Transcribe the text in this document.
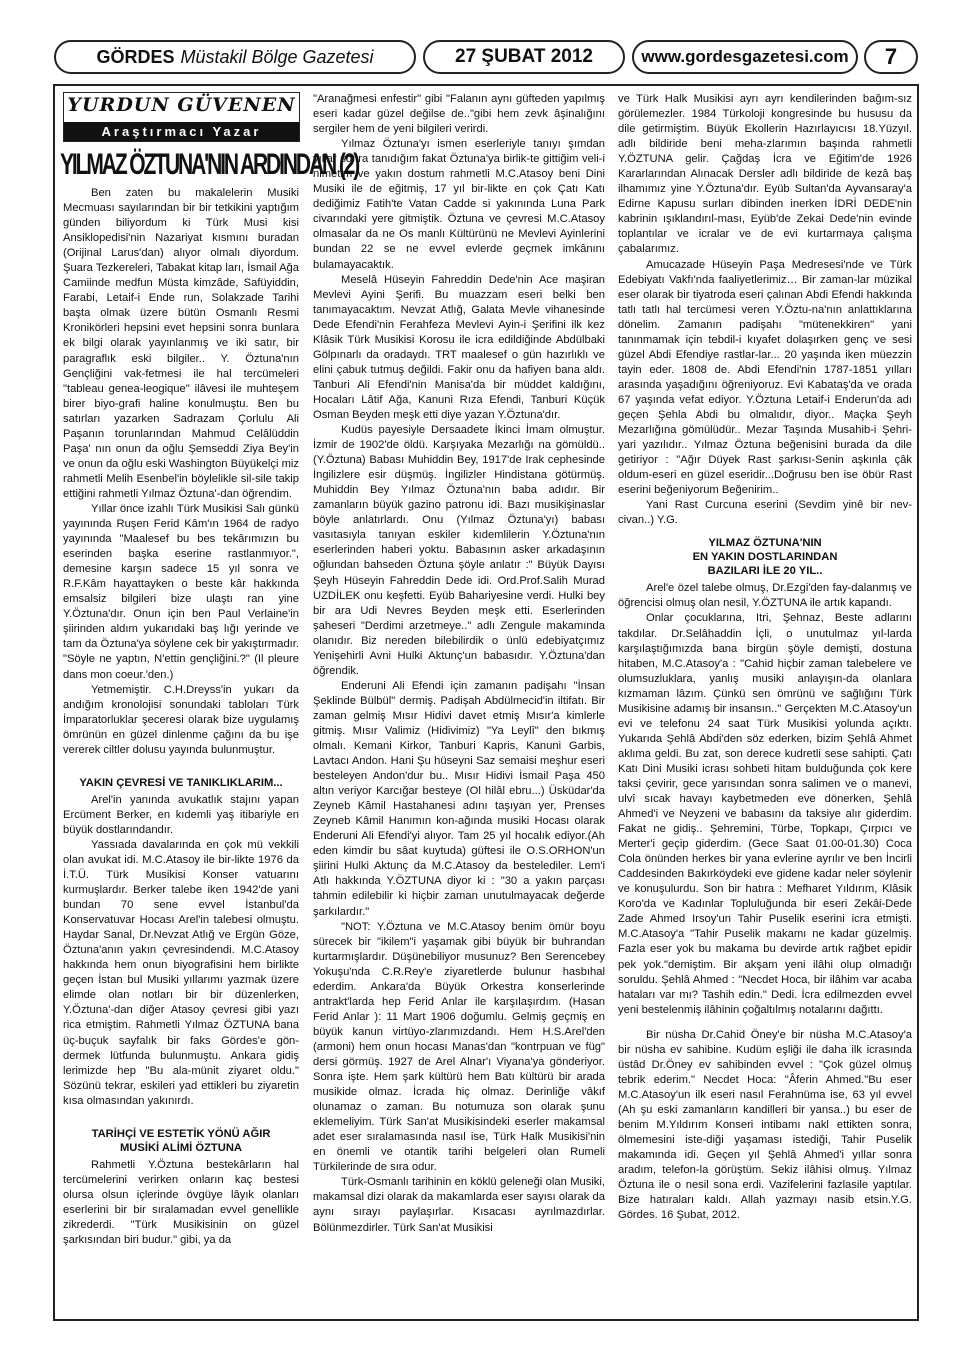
GÖRDES Müstakil Bölge Gazetesi	27 ŞUBAT 2012	www.gordesgazetesi.com 7
YURDUN GÜVENEN
Araştırmacı Yazar
YILMAZ ÖZTUNA'NIN ARDINDAN (2)

Ben zaten bu makalelerin Musiki Mecmuası sayılarından bir bir tetkikini yaptığım günden biliyordum ki Türk Musi kisi Ansiklopedisi'nin Nazariyat kısmını buradan (Orijinal Larus'dan) alıyor olmalı diyordum. Şuara Tezkereleri, Tabakat kitap ları, İsmail Ağa Camiinde medfun Müsta kimzâde, Safüyiddin, Farabi, Letaif-i Ende run, Solakzade Tarihi başta olmak üzere bütün Osmanlı Resmi Kronikörleri hepsini evet hepsini sonra bunlara ek bilgi olarak yayınlanmış ve iki satır, bir paragraflık eski bilgiler.. Y. Öztuna'nın Gençliğini vak-fetmesi ile hal tercümeleri "tableau genea-leogique" ilâvesi ile muhteşem birer biyo-grafi haline konulmuştu. Ben bu satırları yazarken Sadrazam Çorlulu Ali Paşanın torunlarından Mahmud Celâlüddin Paşa' nın onun da oğlu Şemseddi Ziya Bey'in ve onun da oğlu eski Washington Büyükelçi miz rahmetli Melih Esenbel'in böylelikle sil-sile takip ettiğini rahmetli Yılmaz Öztuna'-dan öğrendim.

Yıllar önce izahlı Türk Musikisi Salı günkü yayınında Ruşen Ferid Kâm'ın 1964 de radyo yayınında "Maalesef bu bes tekârımızın bu eserinden başka eserine rastlanmıyor.", demesine karşın sadece 15 yıl sonra ve R.F.Kâm hayattayken o beste kâr hakkında emsalsiz bilgileri bize ulaştı ran yine Y.Öztuna'dır. Onun için ben Paul Verlaine'in şiirinden aldım yukarıdaki baş lığı yerinde ve tam da Öztuna'ya söylene cek bir yakıştırmadır. "Söyle ne yaptın, N'ettin gençliğini.?" (Il pleure dans mon coeur.'den.)

Yetmemiştir. C.H.Dreyss'in yukarı da andığım kronolojisi sonundaki tabloları Türk İmparatorluklar şeceresi olarak bize uygulamış ömrünün en güzel dinlenme çağını da bu işe vererek ciltler dolusu yayında bulunmuştur.

YAKIN ÇEVRESİ VE TANIKLIKLARIM...

Arel'in yanında avukatlık stajını yapan Ercüment Berker, en kıdemli yaş itibariyle en büyük dostlarındandır.

Yassıada davalarında en çok mü vekkili olan avukat idi. M.C.Atasoy ile bir-likte 1976 da İ.T.Ü. Türk Musikisi Konser vatuarını kurmuşlardır. Berker talebe iken 1942'de yani bundan 70 sene evvel İstanbul'da Konservatuvar Hocası Arel'in talebesi olmuştu. Haydar Sanal, Dr.Nevzat Atlığ ve Ergün Göze, Öztuna'anın yakın çevresindendi. M.C.Atasoy hakkında hem onun biyografisini hem birlikte geçen İstan bul Musiki yıllarımı yazmak üzere elimde olan notları bir bir düzenlerken, Y.Öztuna'-dan diğer Atasoy çevresi gibi yazı rica etmiştim. Rahmetli Yılmaz ÖZTUNA bana üç-buçuk sayfalık bir faks Gördes'e gön-dermek lütfunda bulunmuştu. Ankara gidiş lerimizde hep "Bu ala-münit ziyaret oldu." Sözünü tekrar, eskileri yad ettikleri bu ziyaretin kısa olmasından yakınırdı.

TARİHÇİ VE ESTETİK YÖNÜ AĞIR
MUSİKİ ALİMİ ÖZTUNA

Rahmetli Y.Öztuna bestekârların hal tercümelerini verirken onların kaç bestesi olursa olsun içlerinde övgüye lâyık olanları eserlerini bir bir sıralamadan evvel genellikle zikrederdi. "Türk Musikisinin on güzel şarkısından biri budur." gibi, ya da

"Aranağmesi enfestir" gibi "Falanın aynı güfteden yapılmış eseri kadar güzel değilse de.."gibi hem zevk âşinalığını sergiler hem de yeni bilgileri verirdi.

Yılmaz Öztuna'yı ismen eserleriyle tanıyı şımdan yıllar sonra tanıdığım fakat Öztuna'ya birlik-te gittiğim veli-i nimetim ve yakın dostum rahmetli M.C.Atasoy beni Dini Musiki ile de eğitmiş, 17 yıl bir-likte en çok Çatı Katı dediğimiz Fatih'te Vatan Cadde si yakınında Luna Park civarındaki yere gitmiştik. Öztuna ve çevresi M.C.Atasoy olmasalar da ne Os manlı Kültürünü ne Mevlevi Ayinlerini bundan 22 se ne evvel evlerde geçmek imkânını bulamayacaktık.

Meselâ Hüseyin Fahreddin Dede'nin Ace maşiran Mevlevi Ayini Şerifi. Bu muazzam eseri belki ben tanımayacaktım. Nevzat Atlığ, Galata Mevle vihanesinde Dede Efendi'nin Ferahfeza Mevlevi Ayin-i Şerifini ilk kez Klâsik Türk Musikisi Korosu ile icra edildiğinde Abdülbaki Gölpınarlı da oradaydı. TRT maalesef o gün hazırlıklı ve elini çabuk tutmuş değildi. Fakir onu da hafiyen bana aldı. Tanburi Ali Efendi'nin Manisa'da bir müddet kaldığını, Hocaları Lâtif Ağa, Kanuni Rıza Efendi, Tanburi Küçük Osman Beyden meşk etti diye yazan Y.Öztuna'dır.

Kudüs payesiyle Dersaadete İkinci İmam olmuştur. İzmir de 1902'de öldü. Karşıyaka Mezarlığı na gömüldü.. (Y.Öztuna) Babası Muhiddin Bey, 1917'de Irak cephesinde İngilizlere esir düşmüş. İngilizler Hindistana götürmüş. Muhiddin Bey Yılmaz Öztuna'nın baba adıdır. Bir zamanların büyük gazino patronu idi. Bazı musikişinaslar böyle anlatırlardı. Onu (Yılmaz Öztuna'yı) babası vasıtasıyla tanıyan eskiler kıdemlilerin Y.Öztuna'nın eserlerinden haberi yoktu. Babasının asker arkadaşının oğlundan bahseden Öztuna şöyle anlatır :" Büyük Dayısı Şeyh Hüseyin Fahreddin Dede idi. Ord.Prof.Salih Murad UZDİLEK onu keşfetti. Eyüb Bahariyesine verdi. Hulki bey bir ara Udi Nevres Beyden meşk etti. Eserlerinden şaheseri "Derdimi arzetmeye.." adlı Zengule makamında olanıdır. Biz nereden bilebilirdik o ünlü edebiyatçımız Yenişehirli Avni Hulki Aktunç'un babasıdır. Y.Öztuna'dan öğrendik.

Enderuni Ali Efendi için zamanın padişahı "İnsan Şeklinde Bülbül" dermiş. Padişah Abdülmecid'in iltifatı. Bir zaman gelmiş Mısır Hidivi davet etmiş Mısır'a kimlerle gitmiş. Mısır Valimiz (Hidivimiz) "Ya Leylî" den bıkmış olmalı. Kemani Kirkor, Tanburi Kapris, Kanuni Garbis, Lavtacı Andon. Hani Şu hüseyni Saz semaisi meşhur eseri besteleyen Andon'dur bu.. Mısır Hidivi İsmail Paşa 450 altın veriyor Karcığar besteye (Ol hilâl ebru...) Üsküdar'da Zeyneb Kâmil Hastahanesi adını taşıyan yer, Prenses Zeyneb Kâmil Hanımın kon-ağında musiki Hocası olarak Enderuni Ali Efendi'yi alıyor. Tam 25 yıl hocalık ediyor.(Ah eden kimdir bu sâat kuytuda) güftesi ile O.S.ORHON'un şiirini Hulki Aktunç da M.C.Atasoy da bestelediler. Lem'i Atlı hakkında Y.ÖZTUNA diyor ki : "30 a yakın parçası tahmin edilebilir ki hiçbir zaman unutulmayacak değerde şarkılardır."

"NOT: Y.Öztuna ve M.C.Atasoy benim ömür boyu sürecek bir "ikilem"i yaşamak gibi büyük bir buhrandan kurtarmışlardır. Düşünebiliyor musunuz? Ben Serencebey Yokuşu'nda C.R.Rey'e ziyaretlerde bulunur hasbıhal ederdim. Ankara'da Büyük Orkestra konserlerinde antrakt'larda hep Ferid Anlar ile karşılaşırdım. (Hasan Ferid Anlar ): 11 Mart 1906 doğumlu. Gelmiş geçmiş en büyük kanun virtüyo-zlarımızdandı. Hem H.S.Arel'den (armoni) hem onun hocası Manas'dan "kontrpuan ve füg" dersi görmüş. 1927 de Arel Alnar'ı Viyana'ya gönderiyor. Sonra işte. Hem şark kültürü hem Batı kültürü bir arada musikide olmaz. İcrada hiç olmaz. Derinliğe vâkıf olunamaz o zaman. Bu notumuza son olarak şunu eklemeliyim. Türk San'at Musikisindeki eserler makamsal adet eser sıralamasında nasıl ise, Türk Halk Musikisi'nin en önemli ve otantik tarihi belgeleri olan Rumeli Türkilerinde de sıra odur.

Türk-Osmanlı tarihinin en köklü geleneği olan Musiki, makamsal dizi olarak da makamlarda eser sayısı olarak da aynı sırayı paylaşırlar. Kısacası ayrılmazdırlar. Bölünmezdirler. Türk San'at Musikisi

ve Türk Halk Musikisi ayrı ayrı kendilerinden bağım-sız görülemezler. 1984 Türkoloji kongresinde bu hususu da dile getirmiştim. Büyük Ekollerin Hazırlayıcısı 18.Yüzyıl. adlı bildiride beni meha-zlarımın başında rahmetli Y.ÖZTUNA gelir. Çağdaş İcra ve Eğitim'de 1926 Kararlarından Alınacak Dersler adlı bildiride de kezâ baş ilhamımız yine Y.Öztuna'dır. Eyüb Sultan'da Ayvansaray'a Edirne Kapusu surları dibinden inerken İDRİ DEDE'nin kabrinin ışıklandırıl-ması, Eyüb'de Zekai Dede'nin evinde toplantılar ve icralar ve de evi kurtarmaya çalışma çabalarımız.

Amucazade Hüseyin Paşa Medresesi'nde ve Türk Edebiyatı Vakfı'nda faaliyetlerimiz… Bir zaman-lar müzikal eser olarak bir tiyatroda eseri çalınan Abdi Efendi hakkında tatlı tatlı hal tercümesi veren Y.Öztu-na'nın anlattıklarına dönelim. Zamanın padişahı "mütenekkiren" yani tanınmamak için tebdil-i kıyafet dolaşırken genç ve sesi güzel Abdi Efendiye rastlar-lar... 20 yaşında iken müezzin tayin eder. 1808 de. Abdi Efendi'nin 1787-1851 yılları arasında yaşadığını öğreniyoruz. Evi Kabataş'da ve orada 67 yaşında vefat ediyor. Y.Öztuna Letaif-i Enderun'da adı geçen Şehla Abdi bu olmalıdır, diyor.. Maçka Şeyh Mezarlığına gömülüdür.. Mezar Taşında Musahib-i Şehri-yari yazılıdır.. Yılmaz Öztuna beğenisini burada da dile getiriyor : "Ağır Düyek Rast şarkısı-Senin aşkınla çâk oldum-eseri en güzel eseridir...Doğrusu ben ise öbür Rast eserini beğeniyorum Beğenirim..

Yani Rast Curcuna eserini (Sevdim yinê bir nev-civan..) Y.G.

YILMAZ ÖZTUNA'NIN
EN YAKIN DOSTLARINDAN
BAZILARI İLE 20 YIL..

Arel'e özel talebe olmuş, Dr.Ezgi'den fay-dalanmış ve öğrencisi olmuş olan nesil, Y.ÖZTUNA ile artık kapandı.

Onlar çocuklarına, Itri, Şehnaz, Beste adlarını takdılar. Dr.Selâhaddin İçli, o unutulmaz yıl-larda karşılaştığımızda bana birgün şöyle demişti, dostuna hitaben, M.C.Atasoy'a : "Cahid hiçbir zaman talebelere ve olumsuzluklara, yanlış musiki anlayışın-da olanlara kızmaman lâzım. Çünkü sen ömrünü ve sağlığını Türk Musikisine adamış bir insansın.." Gerçekten M.C.Atasoy'un evi ve telefonu 24 saat Türk Musikisi yolunda açıktı. Yukarıda Şehlâ Abdi'den söz ederken, bizim Şehlâ Ahmet aklıma geldi. Bu zat, son derece kudretli sese sahipti. Çatı Katı Dini Musiki icrası sohbeti hitam bulduğunda çok kere taksi çevirir, gece yarısından sonra salimen ve o manevi, ulvî sıcak havayı kaybetmeden eve dönerken, Şehlâ Ahmed'i ve Neyzeni ve babasını da taksiye alır giderdim. Fakat ne gidiş.. Şehremini, Türbe, Topkapı, Çırpıcı ve Merter'i geçip giderdim. (Gece Saat 01.00-01.30) Coca Cola önünden herkes bir yana evlerine ayrılır ve ben İncirli Caddesinden Bakırköydeki eve gidene kadar neler söylenir ve konuşulurdu. Son bir hatıra : Mefharet Yıldırım, Klâsik Koro'da ve Kadınlar Topluluğunda bir eseri Zekâi-Dede Zade Ahmed Irsoy'un Tahir Puselik eserini icra etmişti. M.C.Atasoy'a "Tahir Puselik makamı ne kadar güzelmiş. Fazla eser yok bu makama bu devirde artık rağbet epidir pek yok."demiştim. Bir akşam yeni ilâhi olup olmadığı soruldu. Şehlâ Ahmed : "Necdet Hoca, bir ilâhim var acaba hataları var mı? Tashih edin." Dedi. İcra edilmezden evvel yeni bestelenmiş ilâhinin çoğaltılmış notalarını dağıttı.

Bir nüsha Dr.Cahid Öney'e bir nüsha M.C.Atasoy'a bir nüsha ev sahibine. Kudüm eşliği ile daha ilk icrasında üstâd Dr.Öney ev sahibinden evvel : "Çok güzel olmuş tebrik ederim." Necdet Hoca: "Âferin Ahmed."Bu eser M.C.Atasoy'un ilk eseri nasıl Ferahnüma ise, 63 yıl evvel (Ah şu eski zamanların kandilleri bir yansa..) bu eser de benim M.Yıldırım Konseri intibamı nakl ettikten sonra, ölmemesini iste-diği yaşaması istediği, Tahir Puselik makamında idi. Geçen yıl Şehlâ Ahmed'i yıllar sonra aradım, telefon-la görüştüm. Sekiz ilâhisi olmuş. Yılmaz Öztuna ile o nesil sona erdi. Vazifelerini fazlasile yaptılar. Bize hatıraları kaldı. Allah yazmayı nasib etsin.Y.G. Gördes. 16 Şubat, 2012.
